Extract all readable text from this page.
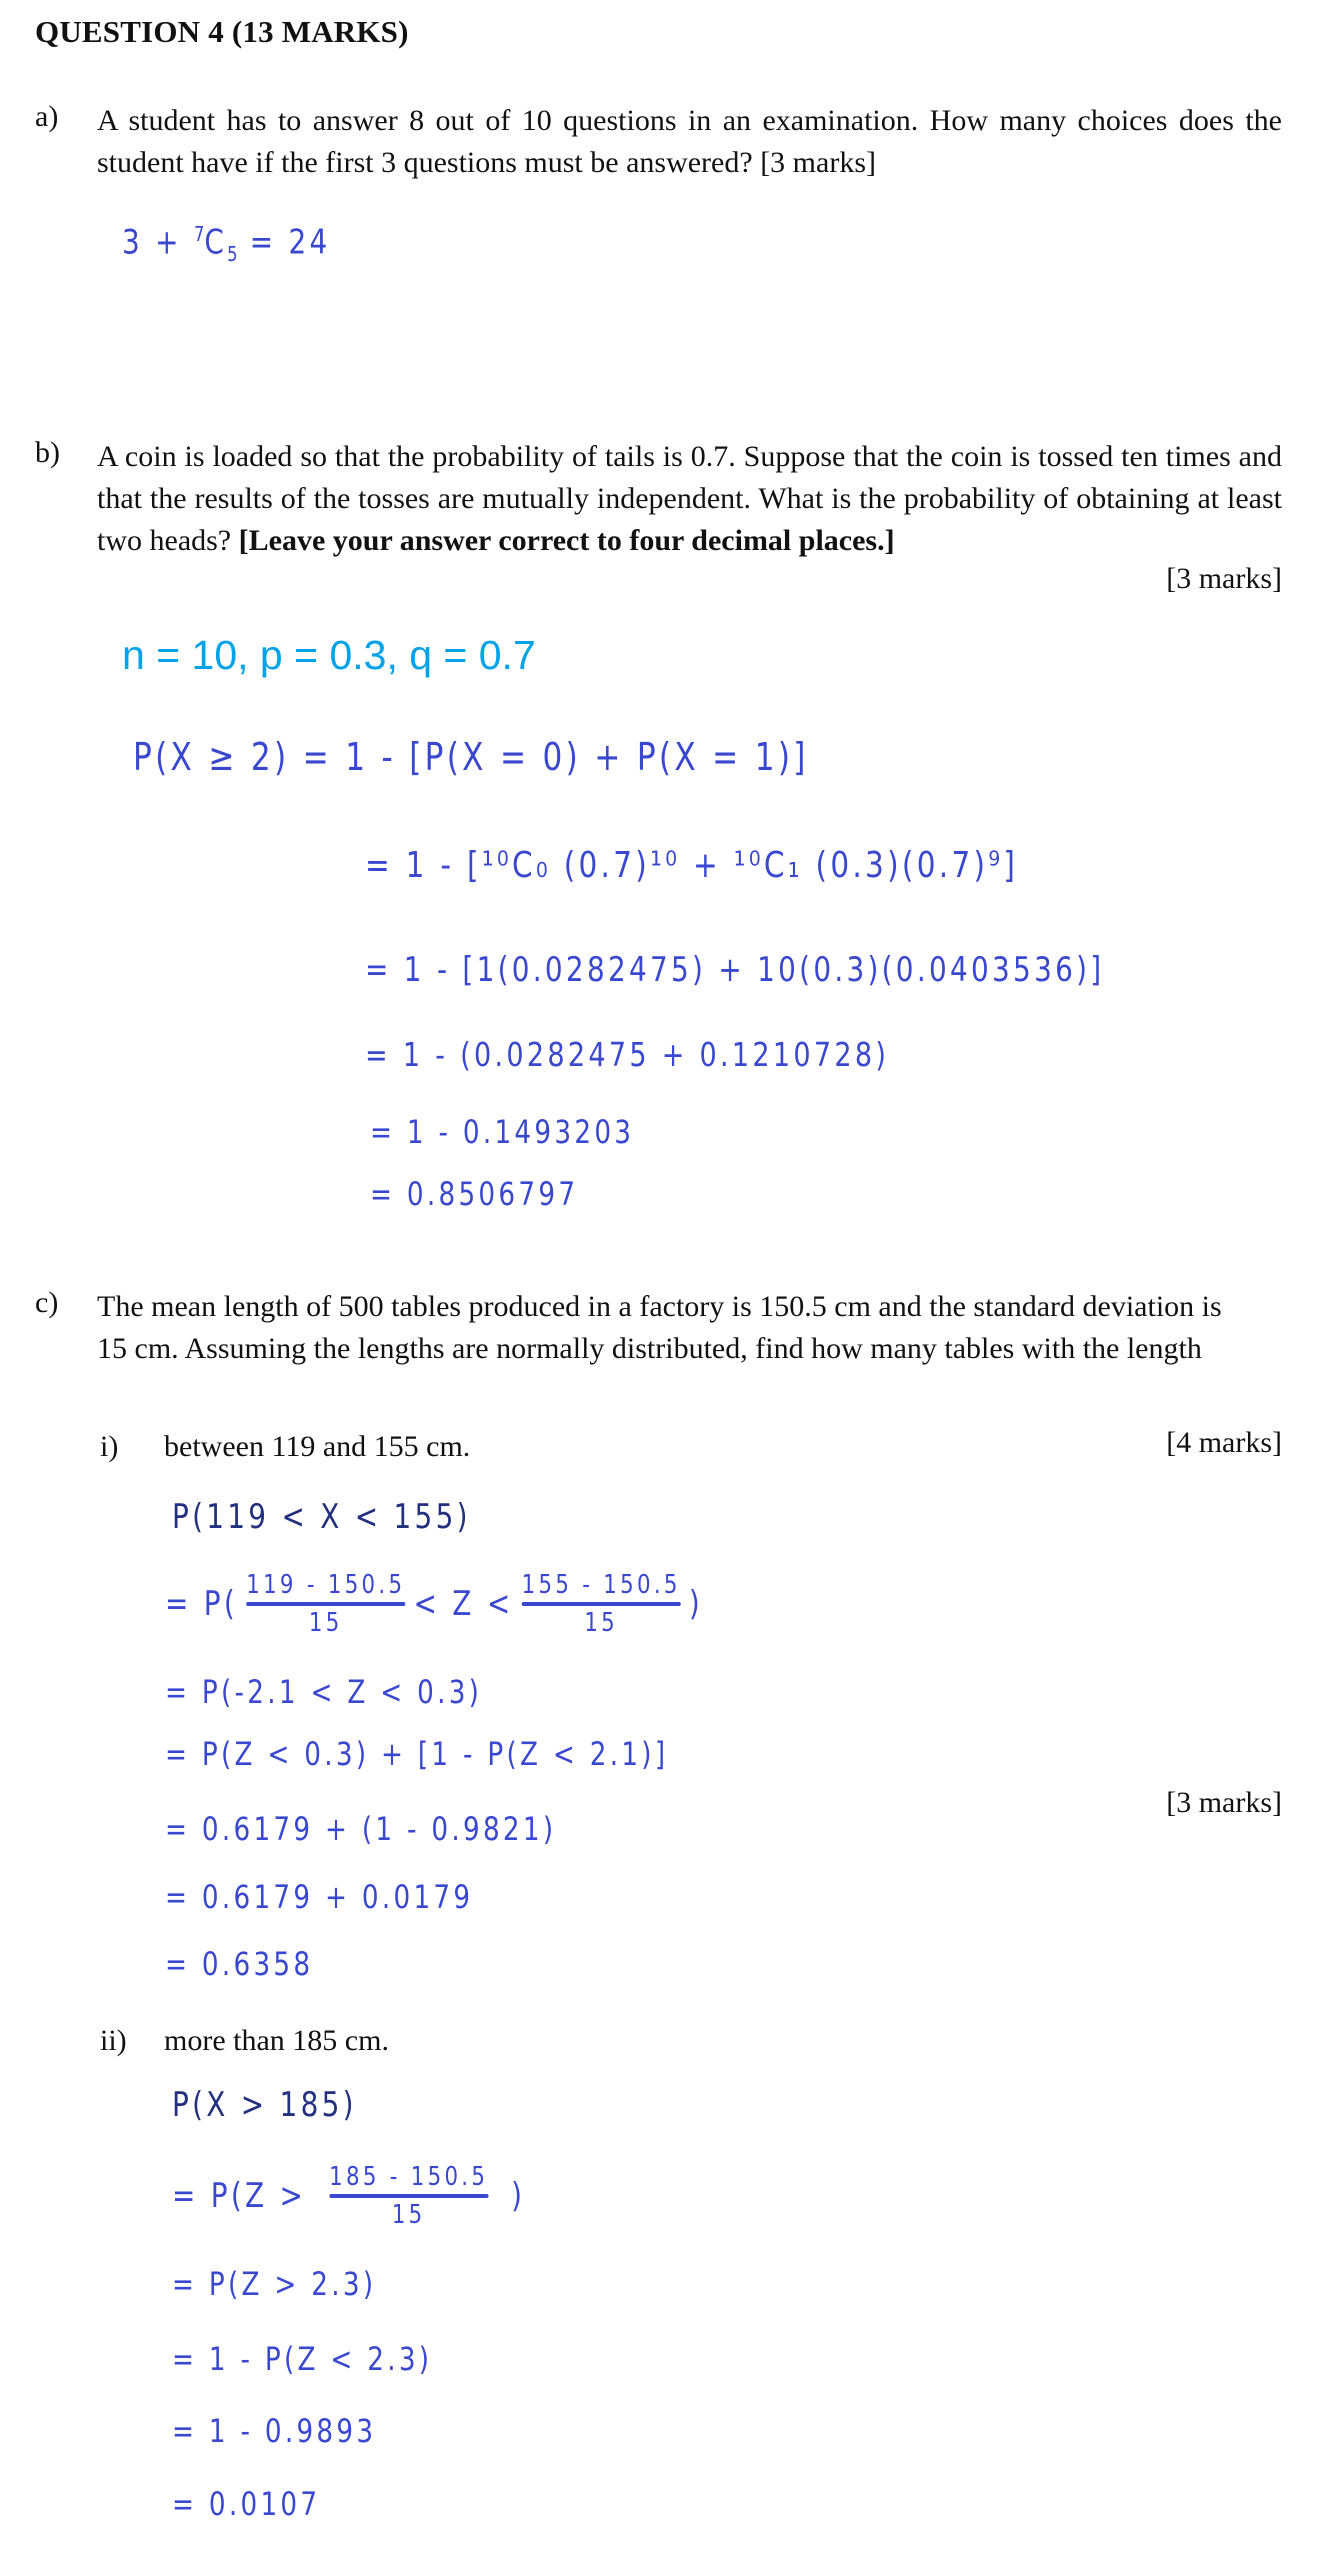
QUESTION 4 (13 MARKS)
a) A student has to answer 8 out of 10 questions in an examination. How many choices does the student have if the first 3 questions must be answered? [3 marks]
$3 + ^7C_5 = 24$
b) A coin is loaded so that the probability of tails is 0.7. Suppose that the coin is tossed ten times and that the results of the tosses are mutually independent. What is the probability of obtaining at least two heads? [Leave your answer correct to four decimal places.]
[3 marks]
n = 10, p = 0.3, q = 0.7
P(X ≥ 2) = 1 - [P(X = 0) + P(X = 1)]
= 1 - [¹⁰C₀ (0.7)¹⁰ + ¹⁰C₁ (0.3)(0.7)⁹]
= 1 - [1(0.0282475) + 10(0.3)(0.0403536)]
= 1 - (0.0282475 + 0.1210728)
= 1 - 0.1493203
= 0.8506797
c) The mean length of 500 tables produced in a factory is 150.5 cm and the standard deviation is 15 cm. Assuming the lengths are normally distributed, find how many tables with the length
i) between 119 and 155 cm.	[4 marks]
P(119 < X < 155)
= $P( \frac{119 - 150.5}{15} < Z < \frac{155 - 150.5}{15}$ )
= P(-2.1 < Z < 0.3)
= P(Z < 0.3) + [1 - P(Z < 2.1)]
[3 marks]
= 0.6179 + (1 - 0.9821)
= 0.6179 + 0.0179
= 0.6358
ii) more than 185 cm.
P(X > 185)
= $P(Z > \frac{185 - 150.5}{15}$ )
= P(Z > 2.3)
= 1 - P(Z < 2.3)
= 1 - 0.9893
= 0.0107
